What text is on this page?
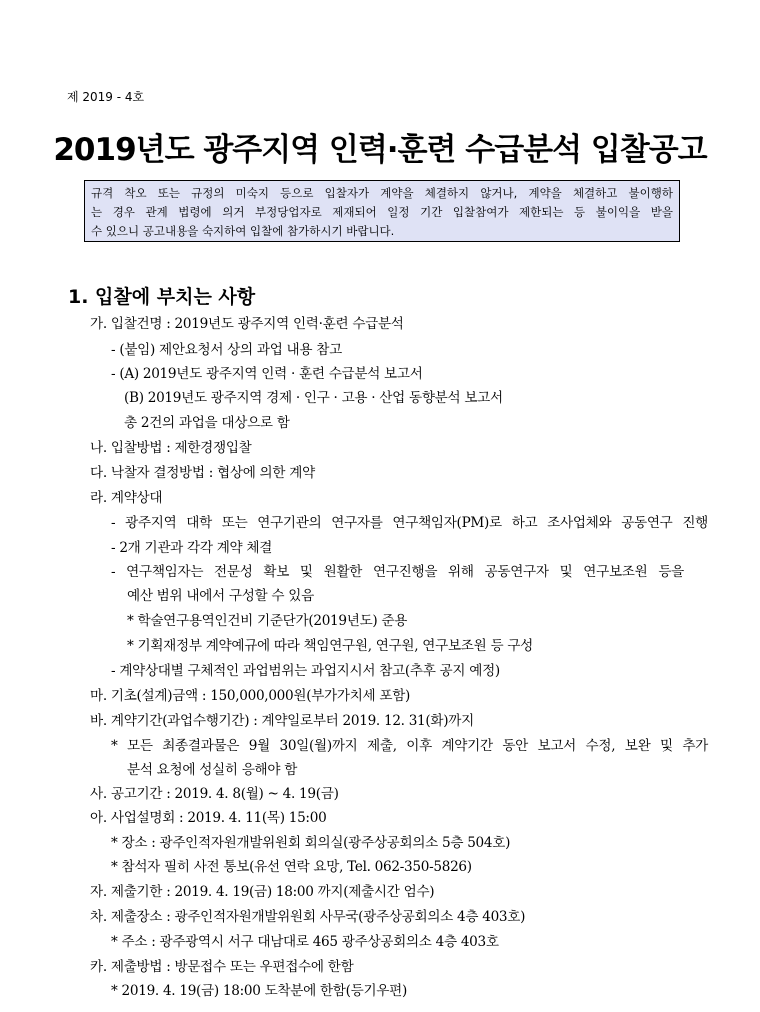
제 2019 - 4호
2019년도 광주지역 인력·훈련 수급분석 입찰공고
규격 착오 또는 규정의 미숙지 등으로 입찰자가 계약을 체결하지 않거나, 계약을 체결하고 불이행하
는 경우 관계 법령에 의거 부정당업자로 제재되어 일정 기간 입찰참여가 제한되는 등 불이익을 받을
수 있으니 공고내용을 숙지하여 입찰에 참가하시기 바랍니다.
1. 입찰에 부치는 사항
가. 입찰건명 : 2019년도 광주지역 인력·훈련 수급분석
- (붙임) 제안요청서 상의 과업 내용 참고
- (A) 2019년도 광주지역 인력 · 훈련 수급분석 보고서
(B) 2019년도 광주지역 경제 · 인구 · 고용 · 산업 동향분석 보고서
총 2건의 과업을 대상으로 함
나. 입찰방법 : 제한경쟁입찰
다. 낙찰자 결정방법 : 협상에 의한 계약
라. 계약상대
- 광주지역 대학 또는 연구기관의 연구자를 연구책임자(PM)로 하고 조사업체와 공동연구 진행
- 2개 기관과 각각 계약 체결
- 연구책임자는 전문성 확보 및 원활한 연구진행을 위해 공동연구자 및 연구보조원 등을
예산 범위 내에서 구성할 수 있음
* 학술연구용역인건비 기준단가(2019년도) 준용
* 기획재정부 계약예규에 따라 책임연구원, 연구원, 연구보조원 등 구성
- 계약상대별 구체적인 과업범위는 과업지시서 참고(추후 공지 예정)
마. 기초(설계)금액 : 150,000,000원(부가가치세 포함)
바. 계약기간(과업수행기간) : 계약일로부터 2019. 12. 31(화)까지
* 모든 최종결과물은 9월 30일(월)까지 제출, 이후 계약기간 동안 보고서 수정, 보완 및 추가
분석 요청에 성실히 응해야 함
사. 공고기간 : 2019. 4. 8(월) ~ 4. 19(금)
아. 사업설명회 : 2019. 4. 11(목) 15:00
* 장소 : 광주인적자원개발위원회 회의실(광주상공회의소 5층 504호)
* 참석자 필히 사전 통보(유선 연락 요망, Tel. 062-350-5826)
자. 제출기한 : 2019. 4. 19(금) 18:00 까지(제출시간 엄수)
차. 제출장소 : 광주인적자원개발위원회 사무국(광주상공회의소 4층 403호)
* 주소 : 광주광역시 서구 대남대로 465 광주상공회의소 4층 403호
카. 제출방법 : 방문접수 또는 우편접수에 한함
* 2019. 4. 19(금) 18:00 도착분에 한함(등기우편)
